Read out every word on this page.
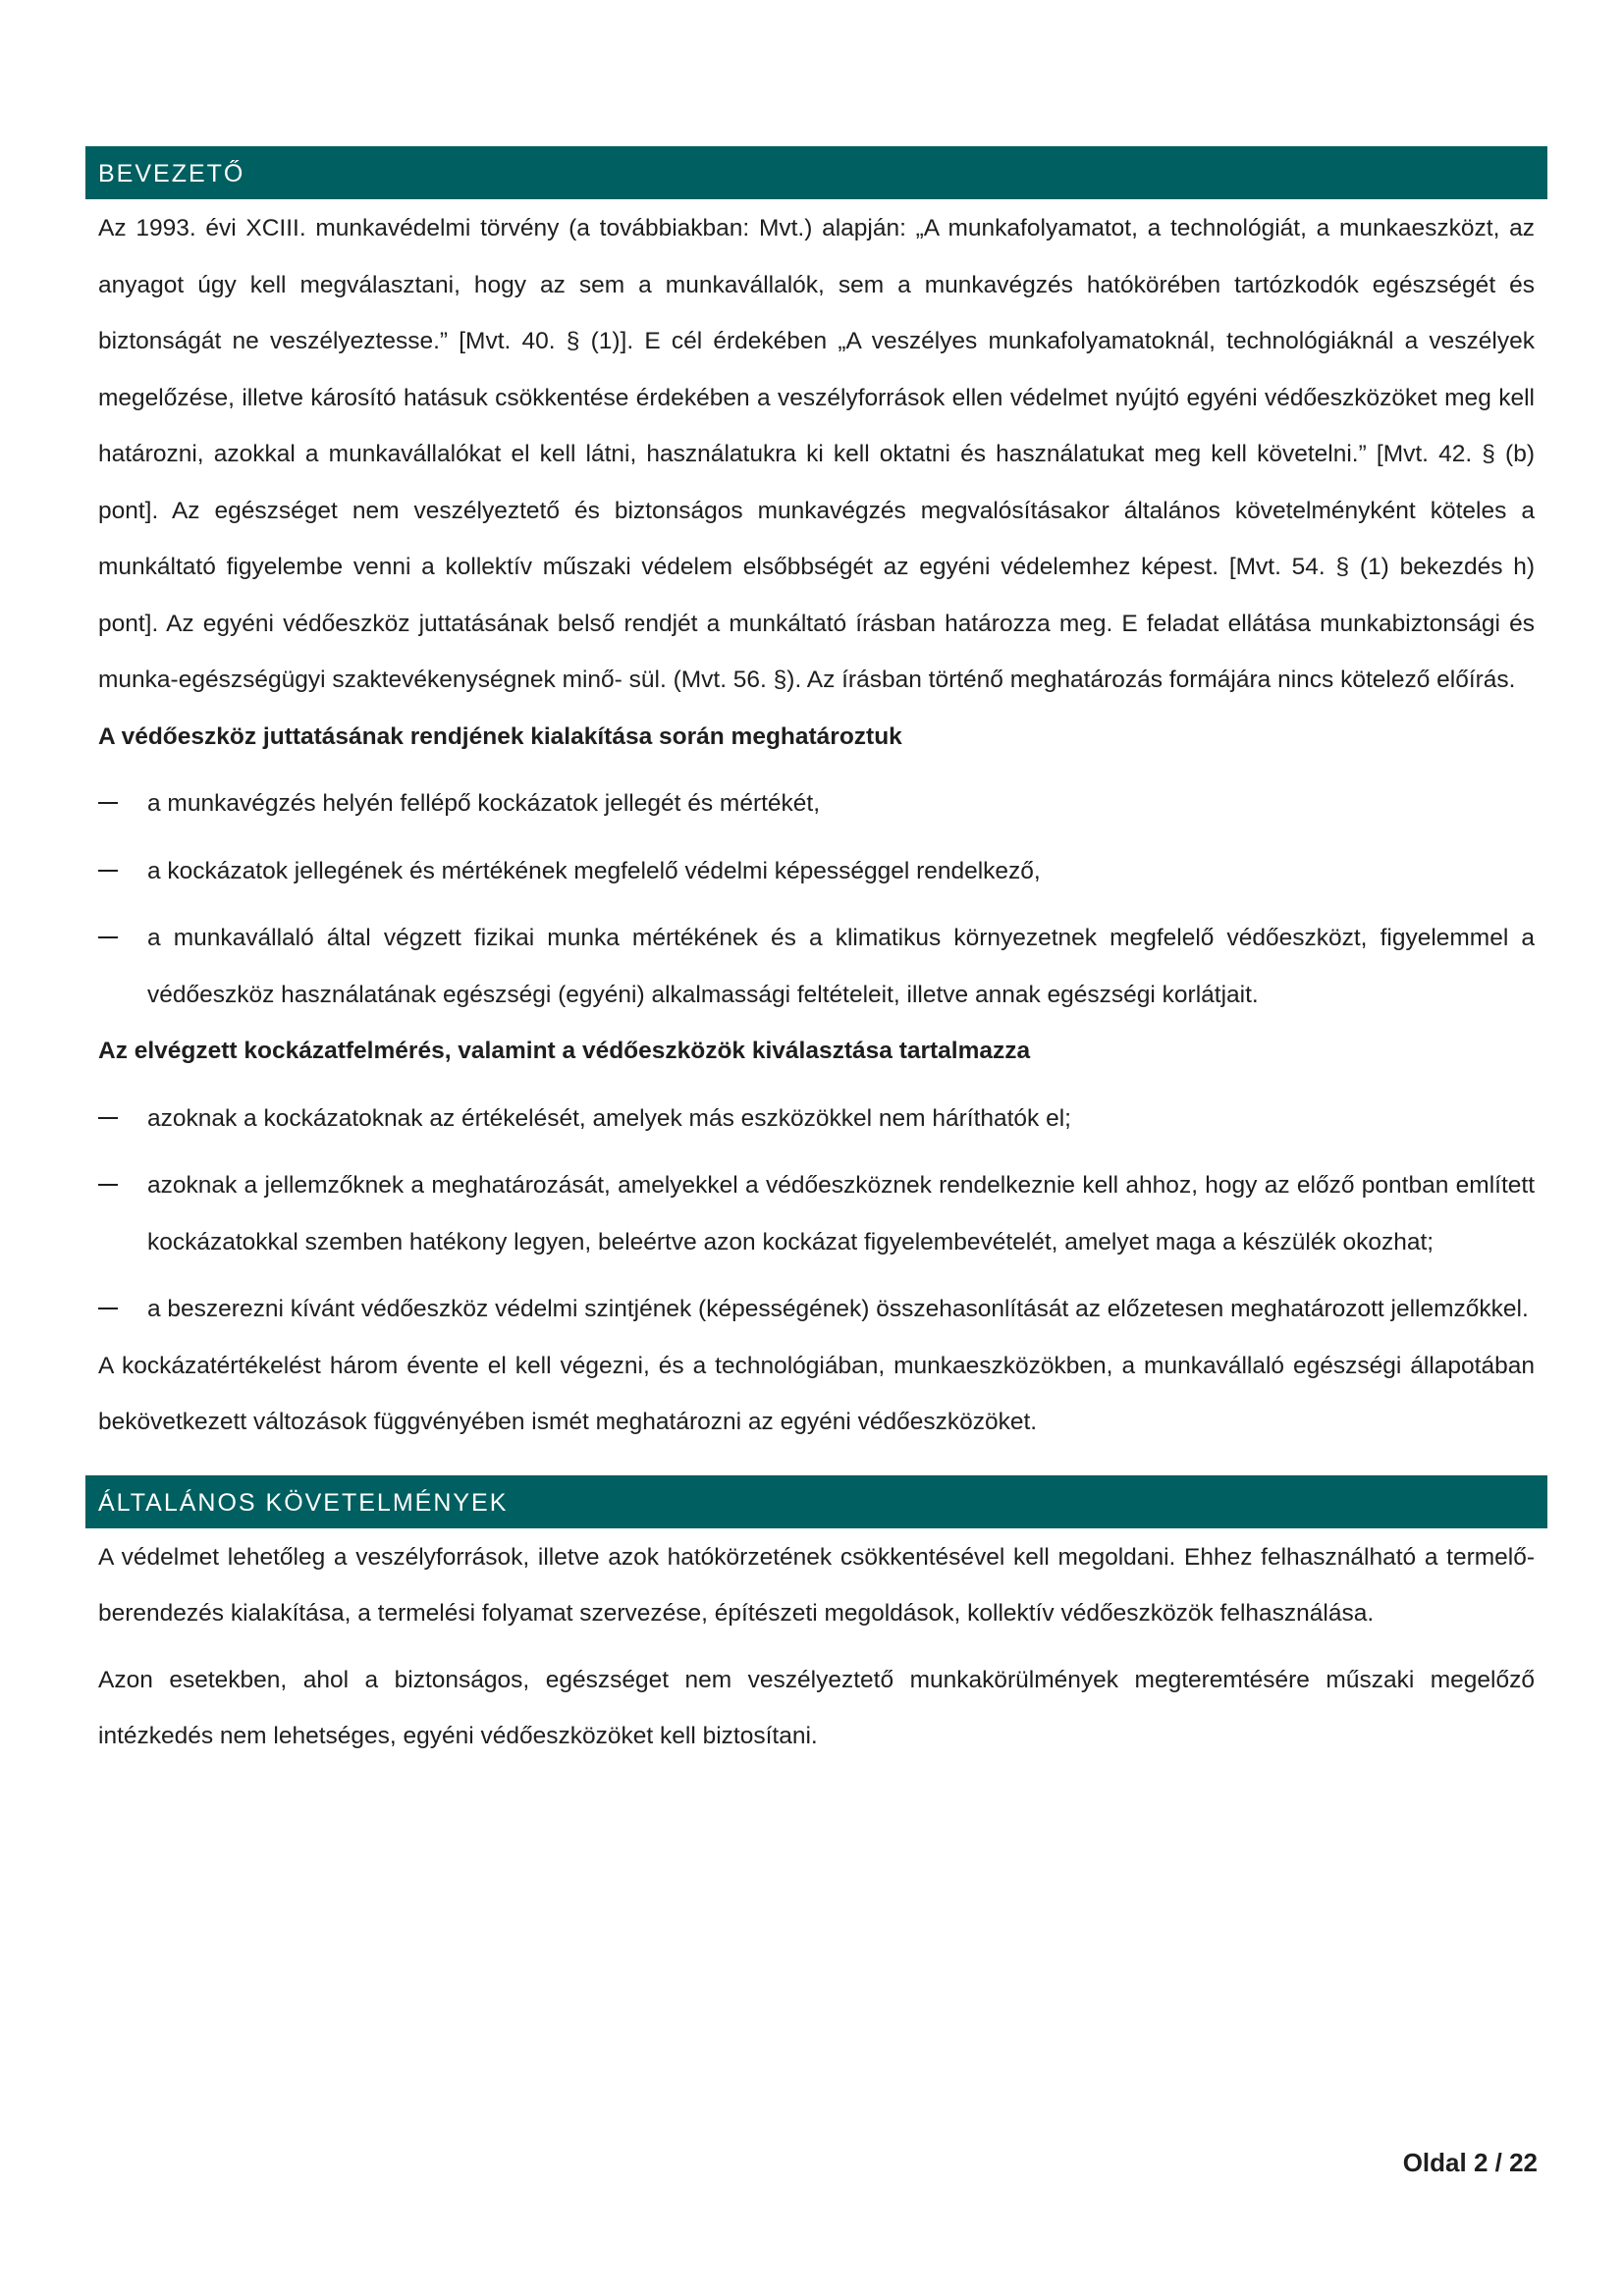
BEVEZETŐ

Az 1993. évi XCIII. munkavédelmi törvény (a továbbiakban: Mvt.) alapján: „A munkafolyamatot, a technológiát, a munkaeszközt, az anyagot úgy kell megválasztani, hogy az sem a munkavállalók, sem a munkavégzés hatókörében tartózkodók egészségét és biztonságát ne veszélyeztesse.” [Mvt. 40. § (1)]. E cél érdekében „A veszélyes munkafolyamatoknál, technológiáknál a veszélyek megelőzése, illetve károsító hatásuk csökkentése érdekében a veszélyforrások ellen védelmet nyújtó egyéni védőeszközöket meg kell határozni, azokkal a munkavállalókat el kell látni, használatukra ki kell oktatni és használatukat meg kell követelni.” [Mvt. 42. § (b) pont]. Az egészséget nem veszélyeztető és biztonságos munkavégzés megvalósításakor általános követelményként köteles a munkáltató figyelembe venni a kollektív műszaki védelem elsőbbségét az egyéni védelemhez képest. [Mvt. 54. § (1) bekezdés h) pont]. Az egyéni védőeszköz juttatásának belső rendjét a munkáltató írásban határozza meg. E feladat ellátása munkabiztonsági és munka-egészségügyi szaktevékenységnek minő- sül. (Mvt. 56. §). Az írásban történő meghatározás formájára nincs kötelező előírás.

A védőeszköz juttatásának rendjének kialakítása során meghatároztuk

a munkavégzés helyén fellépő kockázatok jellegét és mértékét,
a kockázatok jellegének és mértékének megfelelő védelmi képességgel rendelkező,
a munkavállaló által végzett fizikai munka mértékének és a klimatikus környezetnek megfelelő védőeszközt, figyelemmel a védőeszköz használatának egészségi (egyéni) alkalmassági feltételeit, illetve annak egészségi korlátjait.

Az elvégzett kockázatfelmérés, valamint a védőeszközök kiválasztása tartalmazza

azoknak a kockázatoknak az értékelését, amelyek más eszközökkel nem háríthatók el;
azoknak a jellemzőknek a meghatározását, amelyekkel a védőeszköznek rendelkeznie kell ahhoz, hogy az előző pontban említett kockázatokkal szemben hatékony legyen, beleértve azon kockázat figyelembevételét, amelyet maga a készülék okozhat;
a beszerezni kívánt védőeszköz védelmi szintjének (képességének) összehasonlítását az előzetesen meghatározott jellemzőkkel.

A kockázatértékelést három évente el kell végezni, és a technológiában, munkaeszközökben, a munkavállaló egészségi állapotában bekövetkezett változások függvényében ismét meghatározni az egyéni védőeszközöket.

ÁLTALÁNOS KÖVETELMÉNYEK

A védelmet lehetőleg a veszélyforrások, illetve azok hatókörzetének csökkentésével kell megoldani. Ehhez felhasználható a termelő-berendezés kialakítása, a termelési folyamat szervezése, építészeti megoldások, kollektív védőeszközök felhasználása.

Azon esetekben, ahol a biztonságos, egészséget nem veszélyeztető munkakörülmények megteremtésére műszaki megelőző intézkedés nem lehetséges, egyéni védőeszközöket kell biztosítani.

Oldal 2 / 22
